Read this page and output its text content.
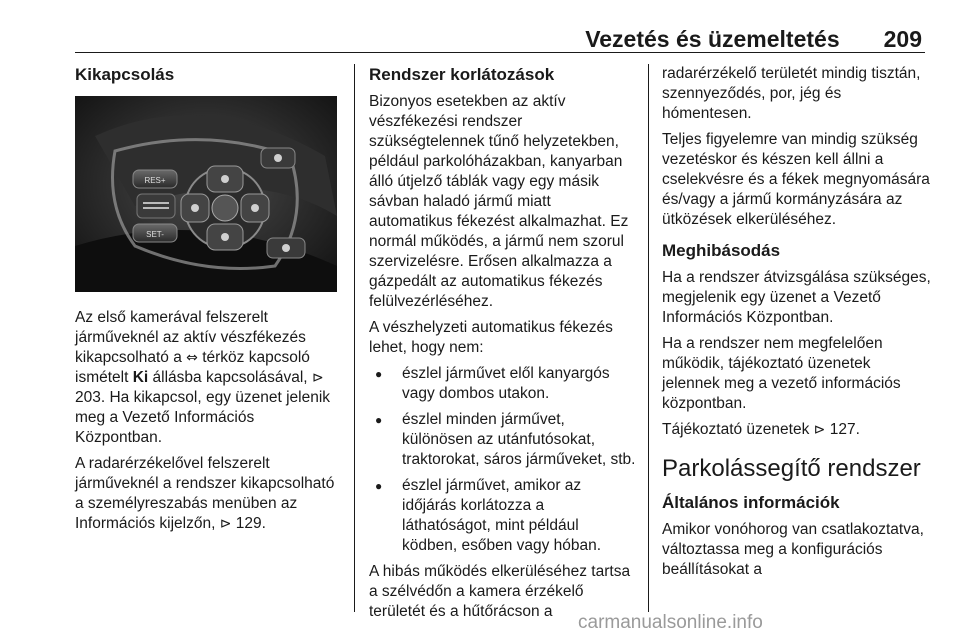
Vezetés és üzemeltetés 209
Kikapcsolás
RES+
SET-

Az első kamerával felszerelt járműveknél az aktív vészfékezés kikapcsolható a ⇔ térköz kapcsoló ismételt Ki állásba kapcsolásával, ⊳ 203. Ha kikapcsol, egy üzenet jelenik meg a Vezető Információs Központban.

A radarérzékelővel felszerelt járműveknél a rendszer kikapcsolható a személyreszabás menüben az Információs kijelzőn, ⊳ 129.

Rendszer korlátozások

Bizonyos esetekben az aktív vészfékezési rendszer szükségtelennek tűnő helyzetekben, például parkolóházakban, kanyarban álló útjelző táblák vagy egy másik sávban haladó jármű miatt automatikus fékezést alkalmazhat. Ez normál működés, a jármű nem szorul szervizelésre. Erősen alkalmazza a gázpedált az automatikus fékezés felülvezérléséhez.

A vészhelyzeti automatikus fékezés lehet, hogy nem:

● észlel járművet elől kanyargós vagy dombos utakon.
● észlel minden járművet, különösen az utánfutósokat, traktorokat, sáros járműveket, stb.
● észlel járművet, amikor az időjárás korlátozza a láthatóságot, mint például ködben, esőben vagy hóban.

A hibás működés elkerüléséhez tartsa a szélvédőn a kamera érzékelő területét és a hűtőrácson a

radarérzékelő területét mindig tisztán, szennyeződés, por, jég és hómentesen.

Teljes figyelemre van mindig szükség vezetéskor és készen kell állni a cselekvésre és a fékek megnyomására és/vagy a jármű kormányzására az ütközések elkerüléséhez.

Meghibásodás

Ha a rendszer átvizsgálása szükséges, megjelenik egy üzenet a Vezető Információs Központban.

Ha a rendszer nem megfelelően működik, tájékoztató üzenetek jelennek meg a vezető információs központban.

Tájékoztató üzenetek ⊳ 127.

Parkolássegítő rendszer
Általános információk

Amikor vonóhorog van csatlakoztatva, változtassa meg a konfigurációs beállításokat a

carmanualsonline.info
